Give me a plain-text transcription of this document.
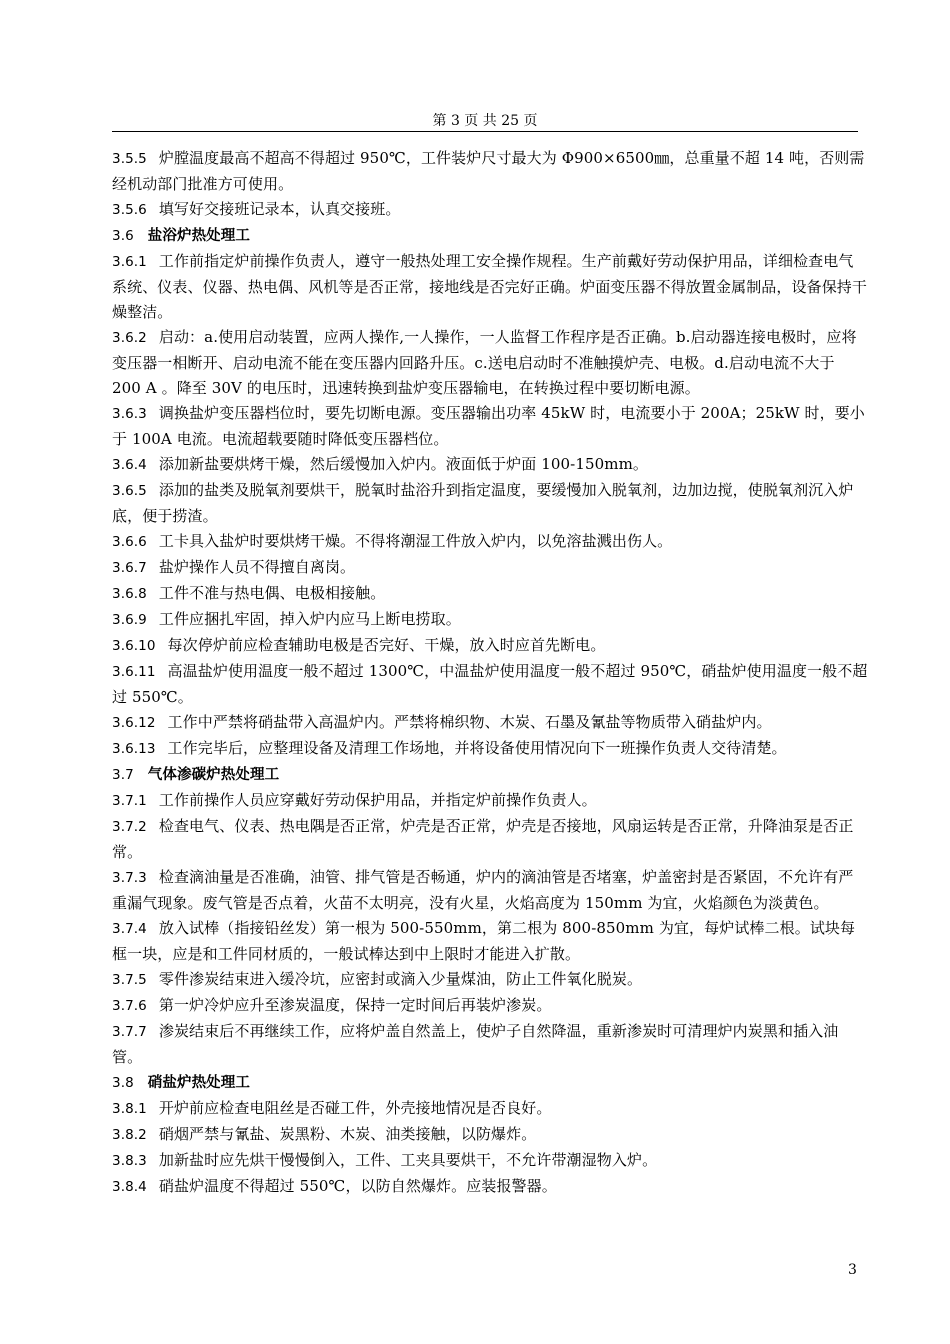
第 3 页 共 25 页

3.5.5 炉膛温度最高不超高不得超过 950℃，工件装炉尺寸最大为 Φ900×6500㎜，总重量不超 14 吨，否则需经机动部门批准方可使用。

3.5.6 填写好交接班记录本，认真交接班。

3.6 盐浴炉热处理工

3.6.1 工作前指定炉前操作负责人，遵守一般热处理工安全操作规程。生产前戴好劳动保护用品，详细检查电气系统、仪表、仪器、热电偶、风机等是否正常，接地线是否完好正确。炉面变压器不得放置金属制品，设备保持干燥整洁。

3.6.2 启动：a.使用启动装置，应两人操作,一人操作，一人监督工作程序是否正确。b.启动器连接电极时，应将变压器一相断开、启动电流不能在变压器内回路升压。c.送电启动时不准触摸炉壳、电极。d.启动电流不大于 200 A 。降至 30V 的电压时，迅速转换到盐炉变压器输电，在转换过程中要切断电源。

3.6.3 调换盐炉变压器档位时，要先切断电源。变压器输出功率 45kW 时，电流要小于 200A；25kW 时，要小于 100A 电流。电流超载要随时降低变压器档位。

3.6.4 添加新盐要烘烤干燥，然后缓慢加入炉内。液面低于炉面 100-150mm。

3.6.5 添加的盐类及脱氧剂要烘干，脱氧时盐浴升到指定温度，要缓慢加入脱氧剂，边加边搅，使脱氧剂沉入炉底，便于捞渣。

3.6.6 工卡具入盐炉时要烘烤干燥。不得将潮湿工件放入炉内，以免溶盐溅出伤人。

3.6.7 盐炉操作人员不得擅自离岗。

3.6.8 工件不准与热电偶、电极相接触。

3.6.9 工件应捆扎牢固，掉入炉内应马上断电捞取。

3.6.10 每次停炉前应检查辅助电极是否完好、干燥，放入时应首先断电。

3.6.11 高温盐炉使用温度一般不超过 1300℃，中温盐炉使用温度一般不超过 950℃，硝盐炉使用温度一般不超过 550℃。

3.6.12 工作中严禁将硝盐带入高温炉内。严禁将棉织物、木炭、石墨及氰盐等物质带入硝盐炉内。

3.6.13 工作完毕后，应整理设备及清理工作场地，并将设备使用情况向下一班操作负责人交待清楚。

3.7 气体渗碳炉热处理工

3.7.1 工作前操作人员应穿戴好劳动保护用品，并指定炉前操作负责人。

3.7.2 检查电气、仪表、热电隅是否正常，炉壳是否正常，炉壳是否接地，风扇运转是否正常，升降油泵是否正常。

3.7.3 检查滴油量是否准确，油管、排气管是否畅通，炉内的滴油管是否堵塞，炉盖密封是否紧固，不允许有严重漏气现象。废气管是否点着，火苗不太明亮，没有火星，火焰高度为 150mm 为宜，火焰颜色为淡黄色。

3.7.4 放入试棒（指接铅丝发）第一根为 500-550mm，第二根为 800-850mm 为宜，每炉试棒二根。试块每框一块，应是和工件同材质的，一般试棒达到中上限时才能进入扩散。

3.7.5 零件渗炭结束进入缓冷坑，应密封或滴入少量煤油，防止工件氧化脱炭。

3.7.6 第一炉冷炉应升至渗炭温度，保持一定时间后再装炉渗炭。

3.7.7 渗炭结束后不再继续工作，应将炉盖自然盖上，使炉子自然降温，重新渗炭时可清理炉内炭黑和插入油管。

3.8 硝盐炉热处理工

3.8.1 开炉前应检查电阻丝是否碰工件，外壳接地情况是否良好。

3.8.2 硝烟严禁与氰盐、炭黑粉、木炭、油类接触，以防爆炸。

3.8.3 加新盐时应先烘干慢慢倒入，工件、工夹具要烘干，不允许带潮湿物入炉。

3.8.4 硝盐炉温度不得超过 550℃，以防自然爆炸。应装报警器。

3
